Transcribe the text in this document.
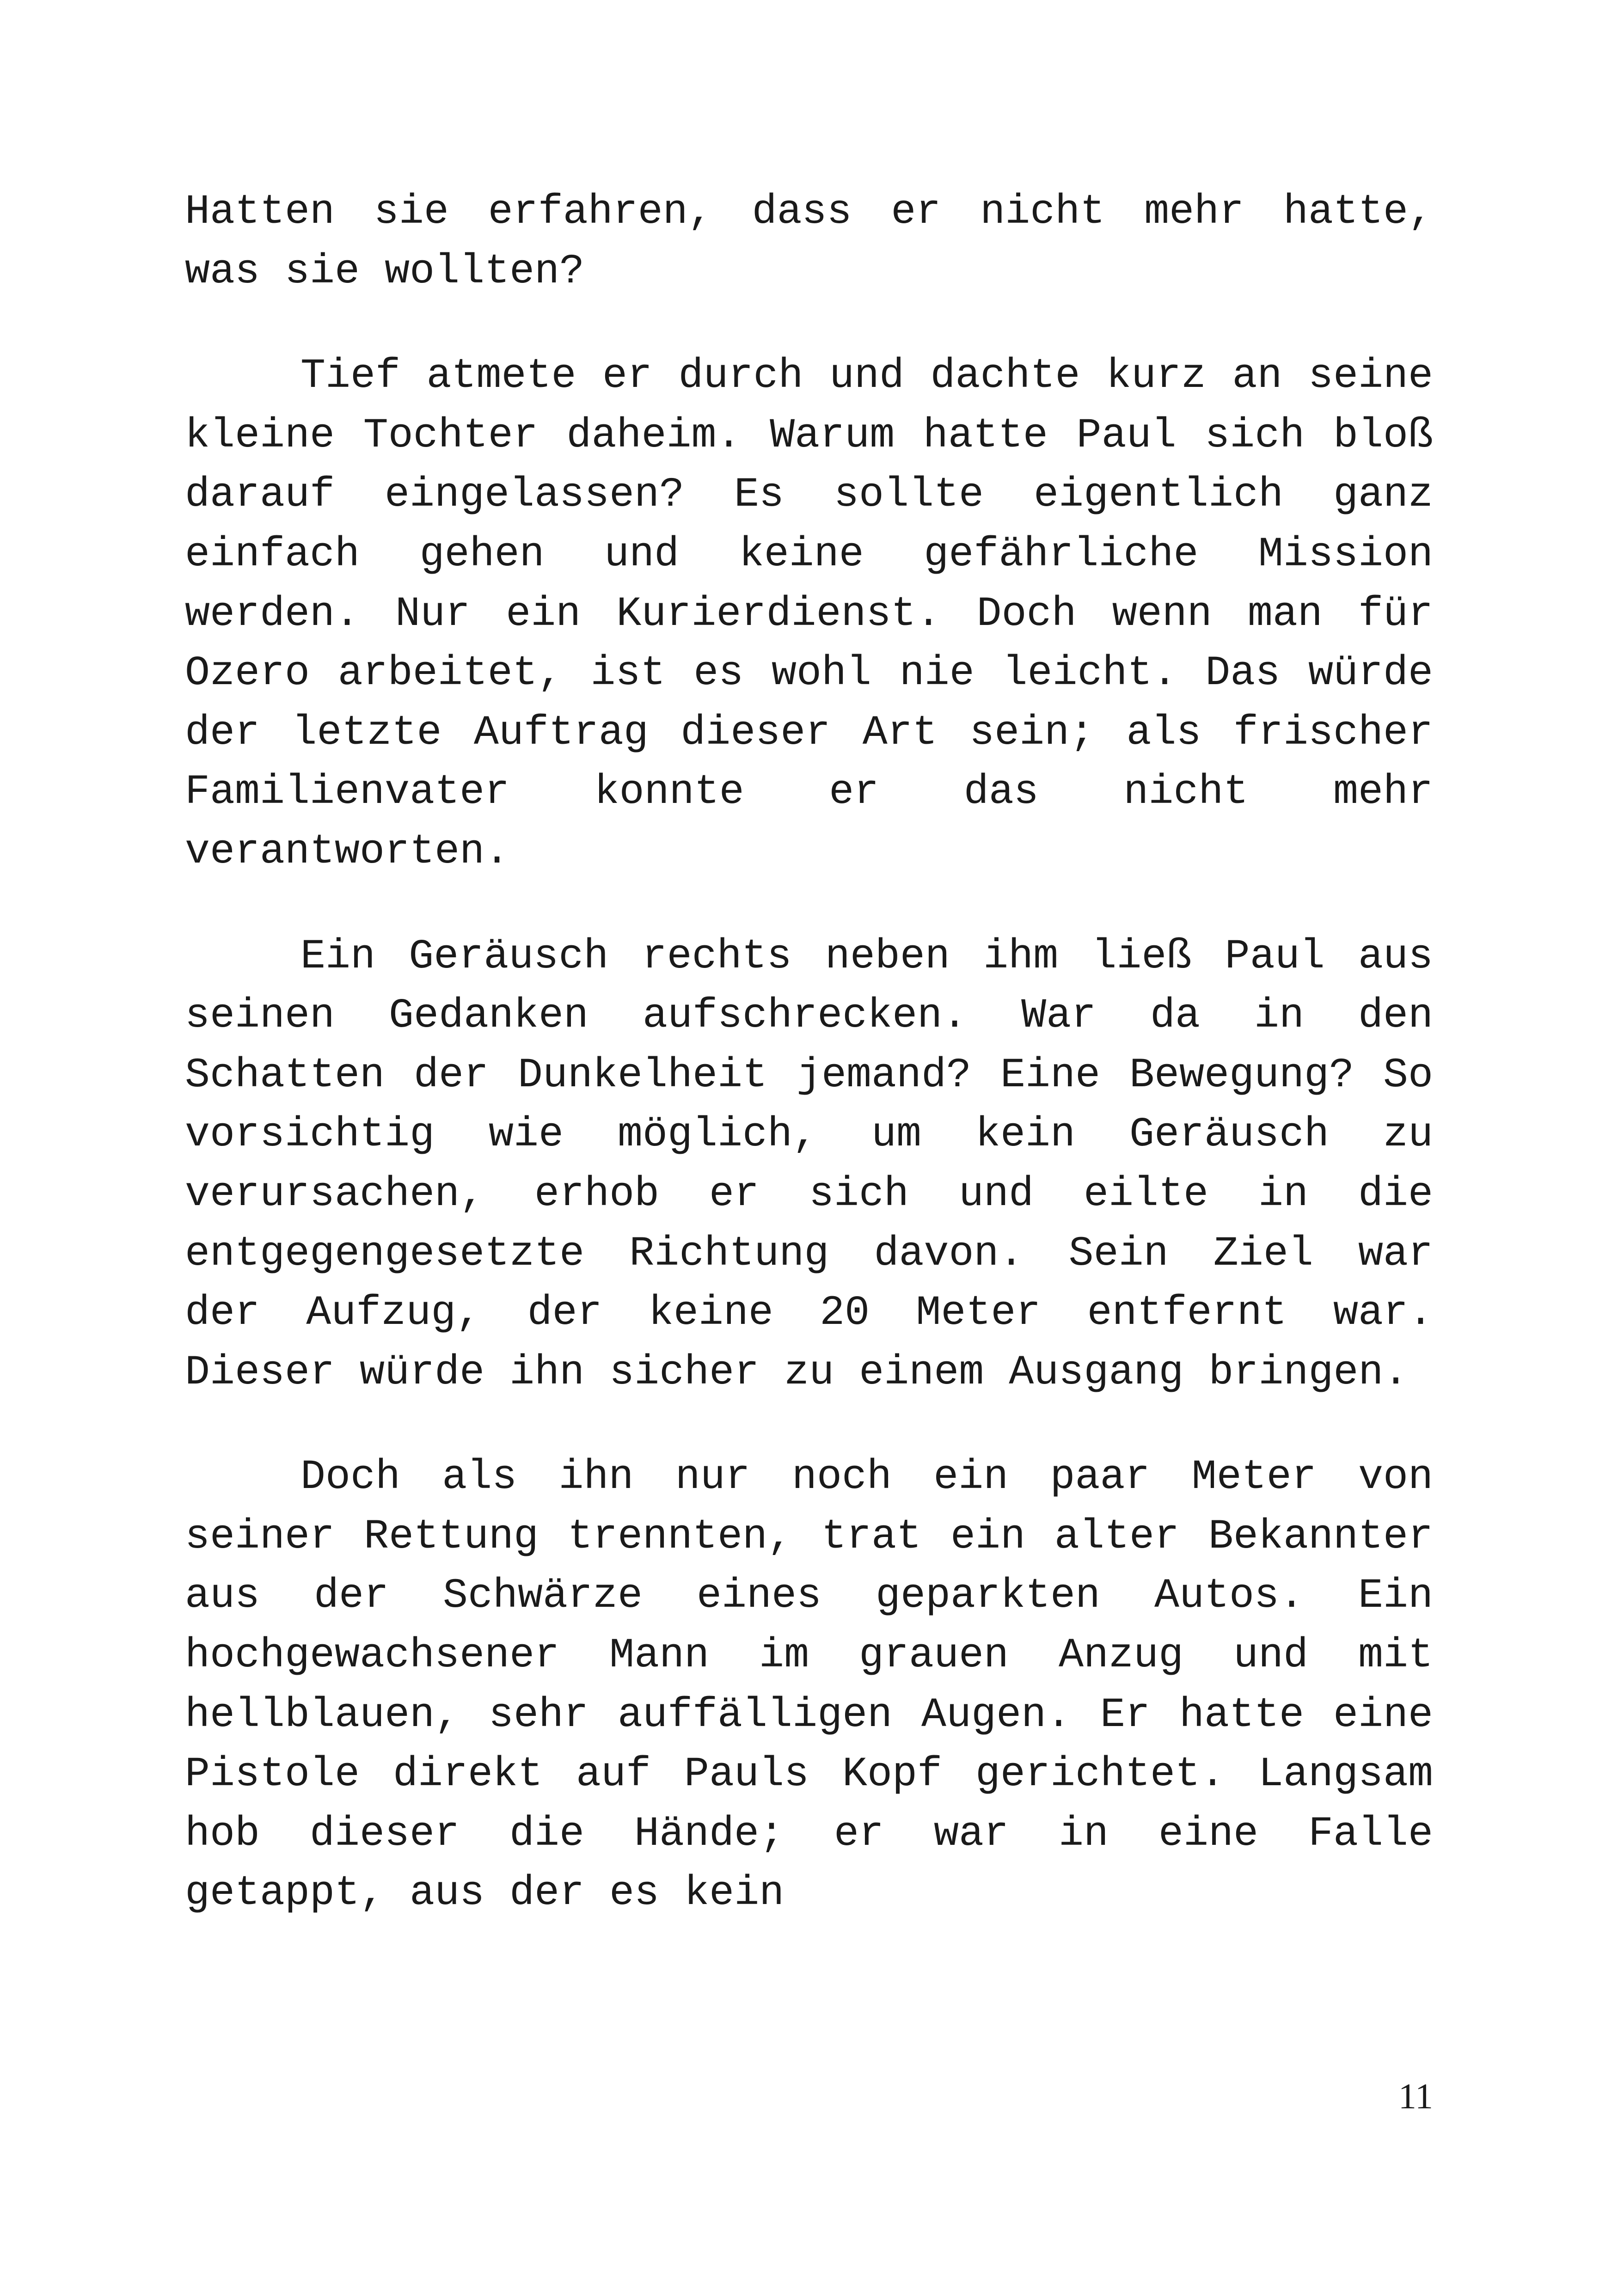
Hatten sie erfahren, dass er nicht mehr hatte, was sie wollten?

Tief atmete er durch und dachte kurz an seine kleine Tochter daheim. Warum hatte Paul sich bloß darauf eingelassen? Es sollte eigentlich ganz einfach gehen und keine gefährliche Mission werden. Nur ein Kurierdienst. Doch wenn man für Ozero arbeitet, ist es wohl nie leicht. Das würde der letzte Auftrag dieser Art sein; als frischer Familienvater konnte er das nicht mehr verantworten.

Ein Geräusch rechts neben ihm ließ Paul aus seinen Gedanken aufschrecken. War da in den Schatten der Dunkelheit jemand? Eine Bewegung? So vorsichtig wie möglich, um kein Geräusch zu verursachen, erhob er sich und eilte in die entgegengesetzte Richtung davon. Sein Ziel war der Aufzug, der keine 20 Meter entfernt war. Dieser würde ihn sicher zu einem Ausgang bringen.

Doch als ihn nur noch ein paar Meter von seiner Rettung trennten, trat ein alter Bekannter aus der Schwärze eines geparkten Autos. Ein hochgewachsener Mann im grauen Anzug und mit hellblauen, sehr auffälligen Augen. Er hatte eine Pistole direkt auf Pauls Kopf gerichtet. Langsam hob dieser die Hände; er war in eine Falle getappt, aus der es kein

11
